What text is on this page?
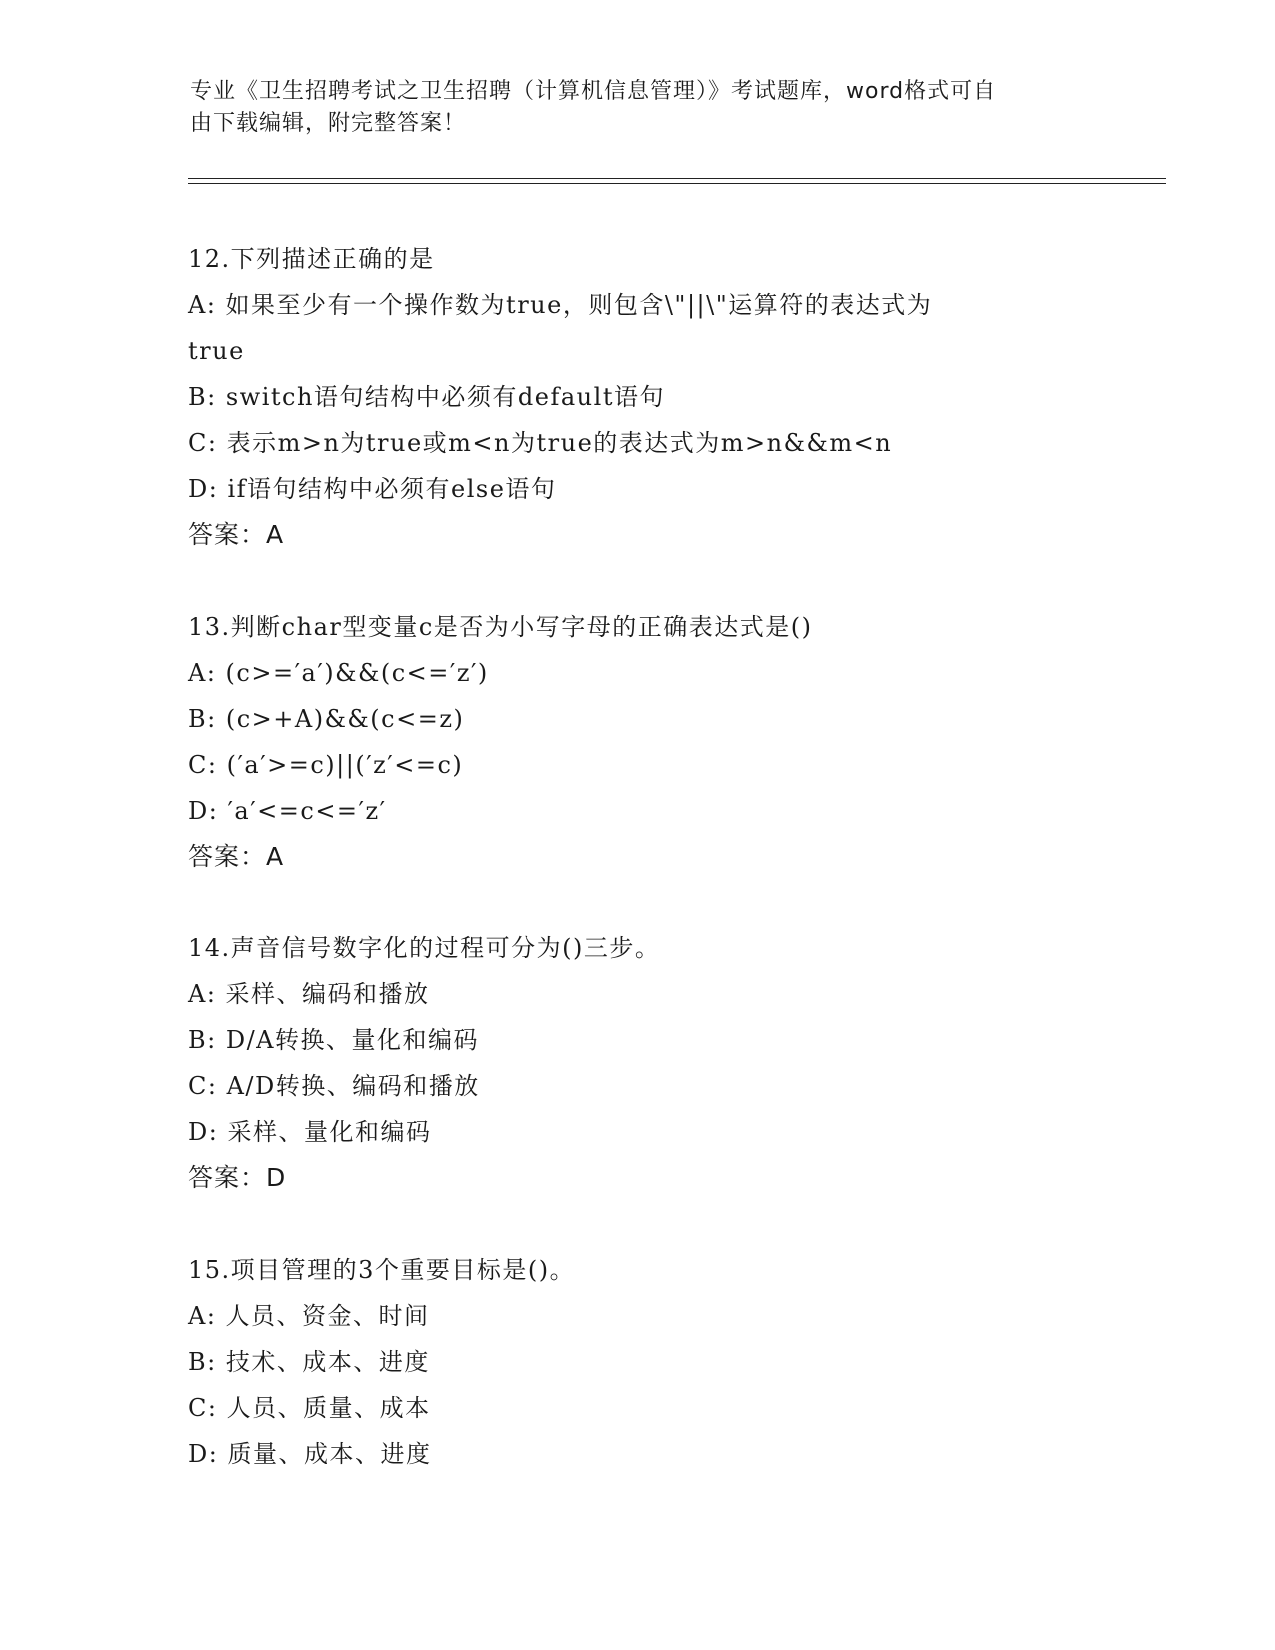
专业《卫生招聘考试之卫生招聘（计算机信息管理）》考试题库，word格式可自
由下载编辑，附完整答案！
12.下列描述正确的是
A: 如果至少有一个操作数为true，则包含\"||\"运算符的表达式为
true
B: switch语句结构中必须有default语句
C: 表示m>n为true或m<n为true的表达式为m>n&&m<n
D: if语句结构中必须有else语句
答案：A
13.判断char型变量c是否为小写字母的正确表达式是()
A: (c>=′a′)&&(c<=′z′)
B: (c>+A)&&(c<=z)
C: (′a′>=c)||(′z′<=c)
D: ′a′<=c<=′z′
答案：A
14.声音信号数字化的过程可分为()三步。
A: 采样、编码和播放
B: D/A转换、量化和编码
C: A/D转换、编码和播放
D: 采样、量化和编码
答案：D
15.项目管理的3个重要目标是()。
A: 人员、资金、时间
B: 技术、成本、进度
C: 人员、质量、成本
D: 质量、成本、进度
